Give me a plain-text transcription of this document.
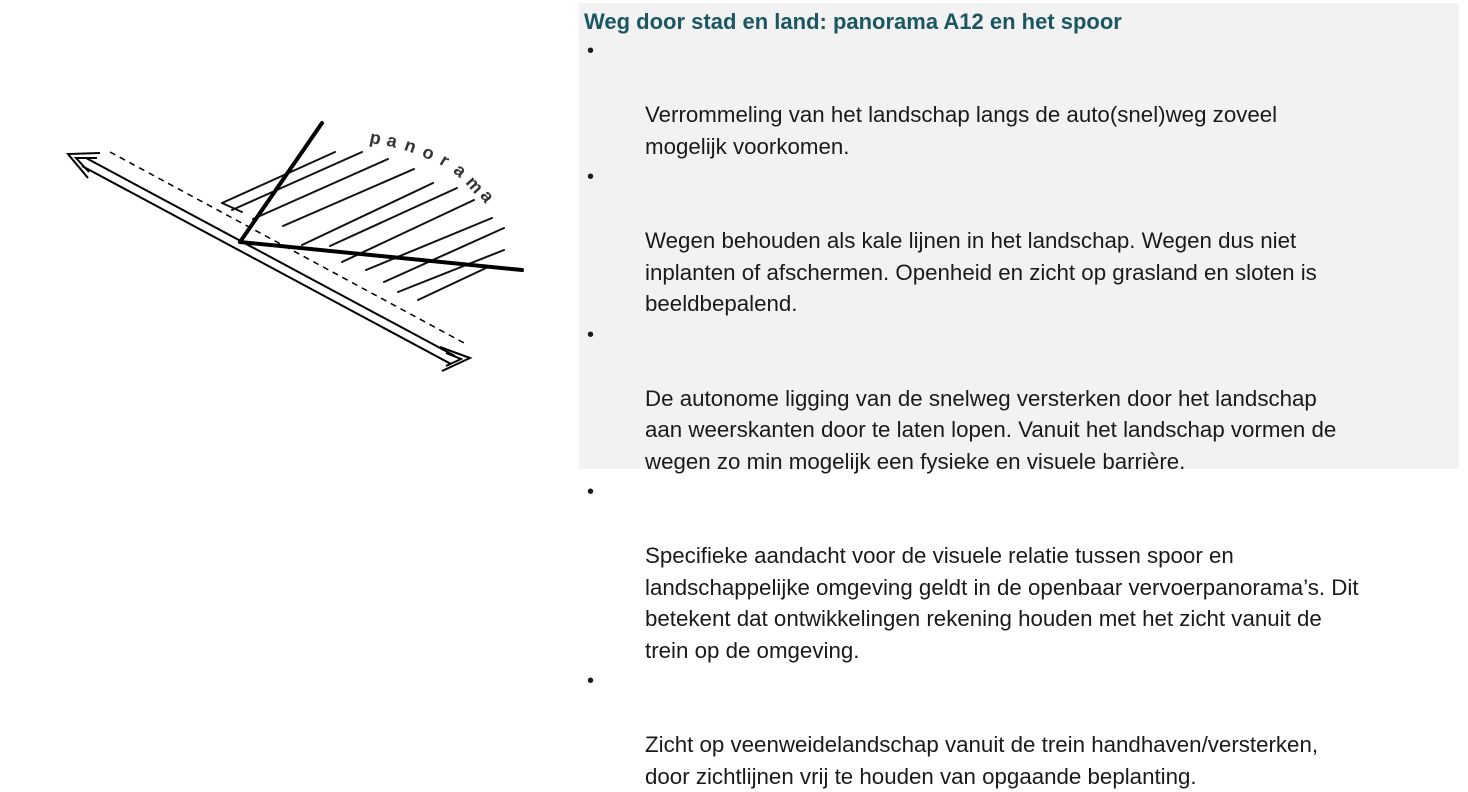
p a n o
r
a
m
a
Weg door stad en land: panorama A12 en het spoor

•

Verrommeling van het landschap langs de auto(snel)weg zoveel
mogelijk voorkomen.

•

Wegen behouden als kale lijnen in het landschap. Wegen dus niet
inplanten of afschermen. Openheid en zicht op grasland en sloten is
beeldbepalend.

•

De autonome ligging van de snelweg versterken door het landschap
aan weerskanten door te laten lopen. Vanuit het landschap vormen de
wegen zo min mogelijk een fysieke en visuele barrière.

•

Specifieke aandacht voor de visuele relatie tussen spoor en
landschappelijke omgeving geldt in de openbaar vervoerpanorama’s. Dit
betekent dat ontwikkelingen rekening houden met het zicht vanuit de
trein op de omgeving.

•

Zicht op veenweidelandschap vanuit de trein handhaven/versterken,
door zichtlijnen vrij te houden van opgaande beplanting.
